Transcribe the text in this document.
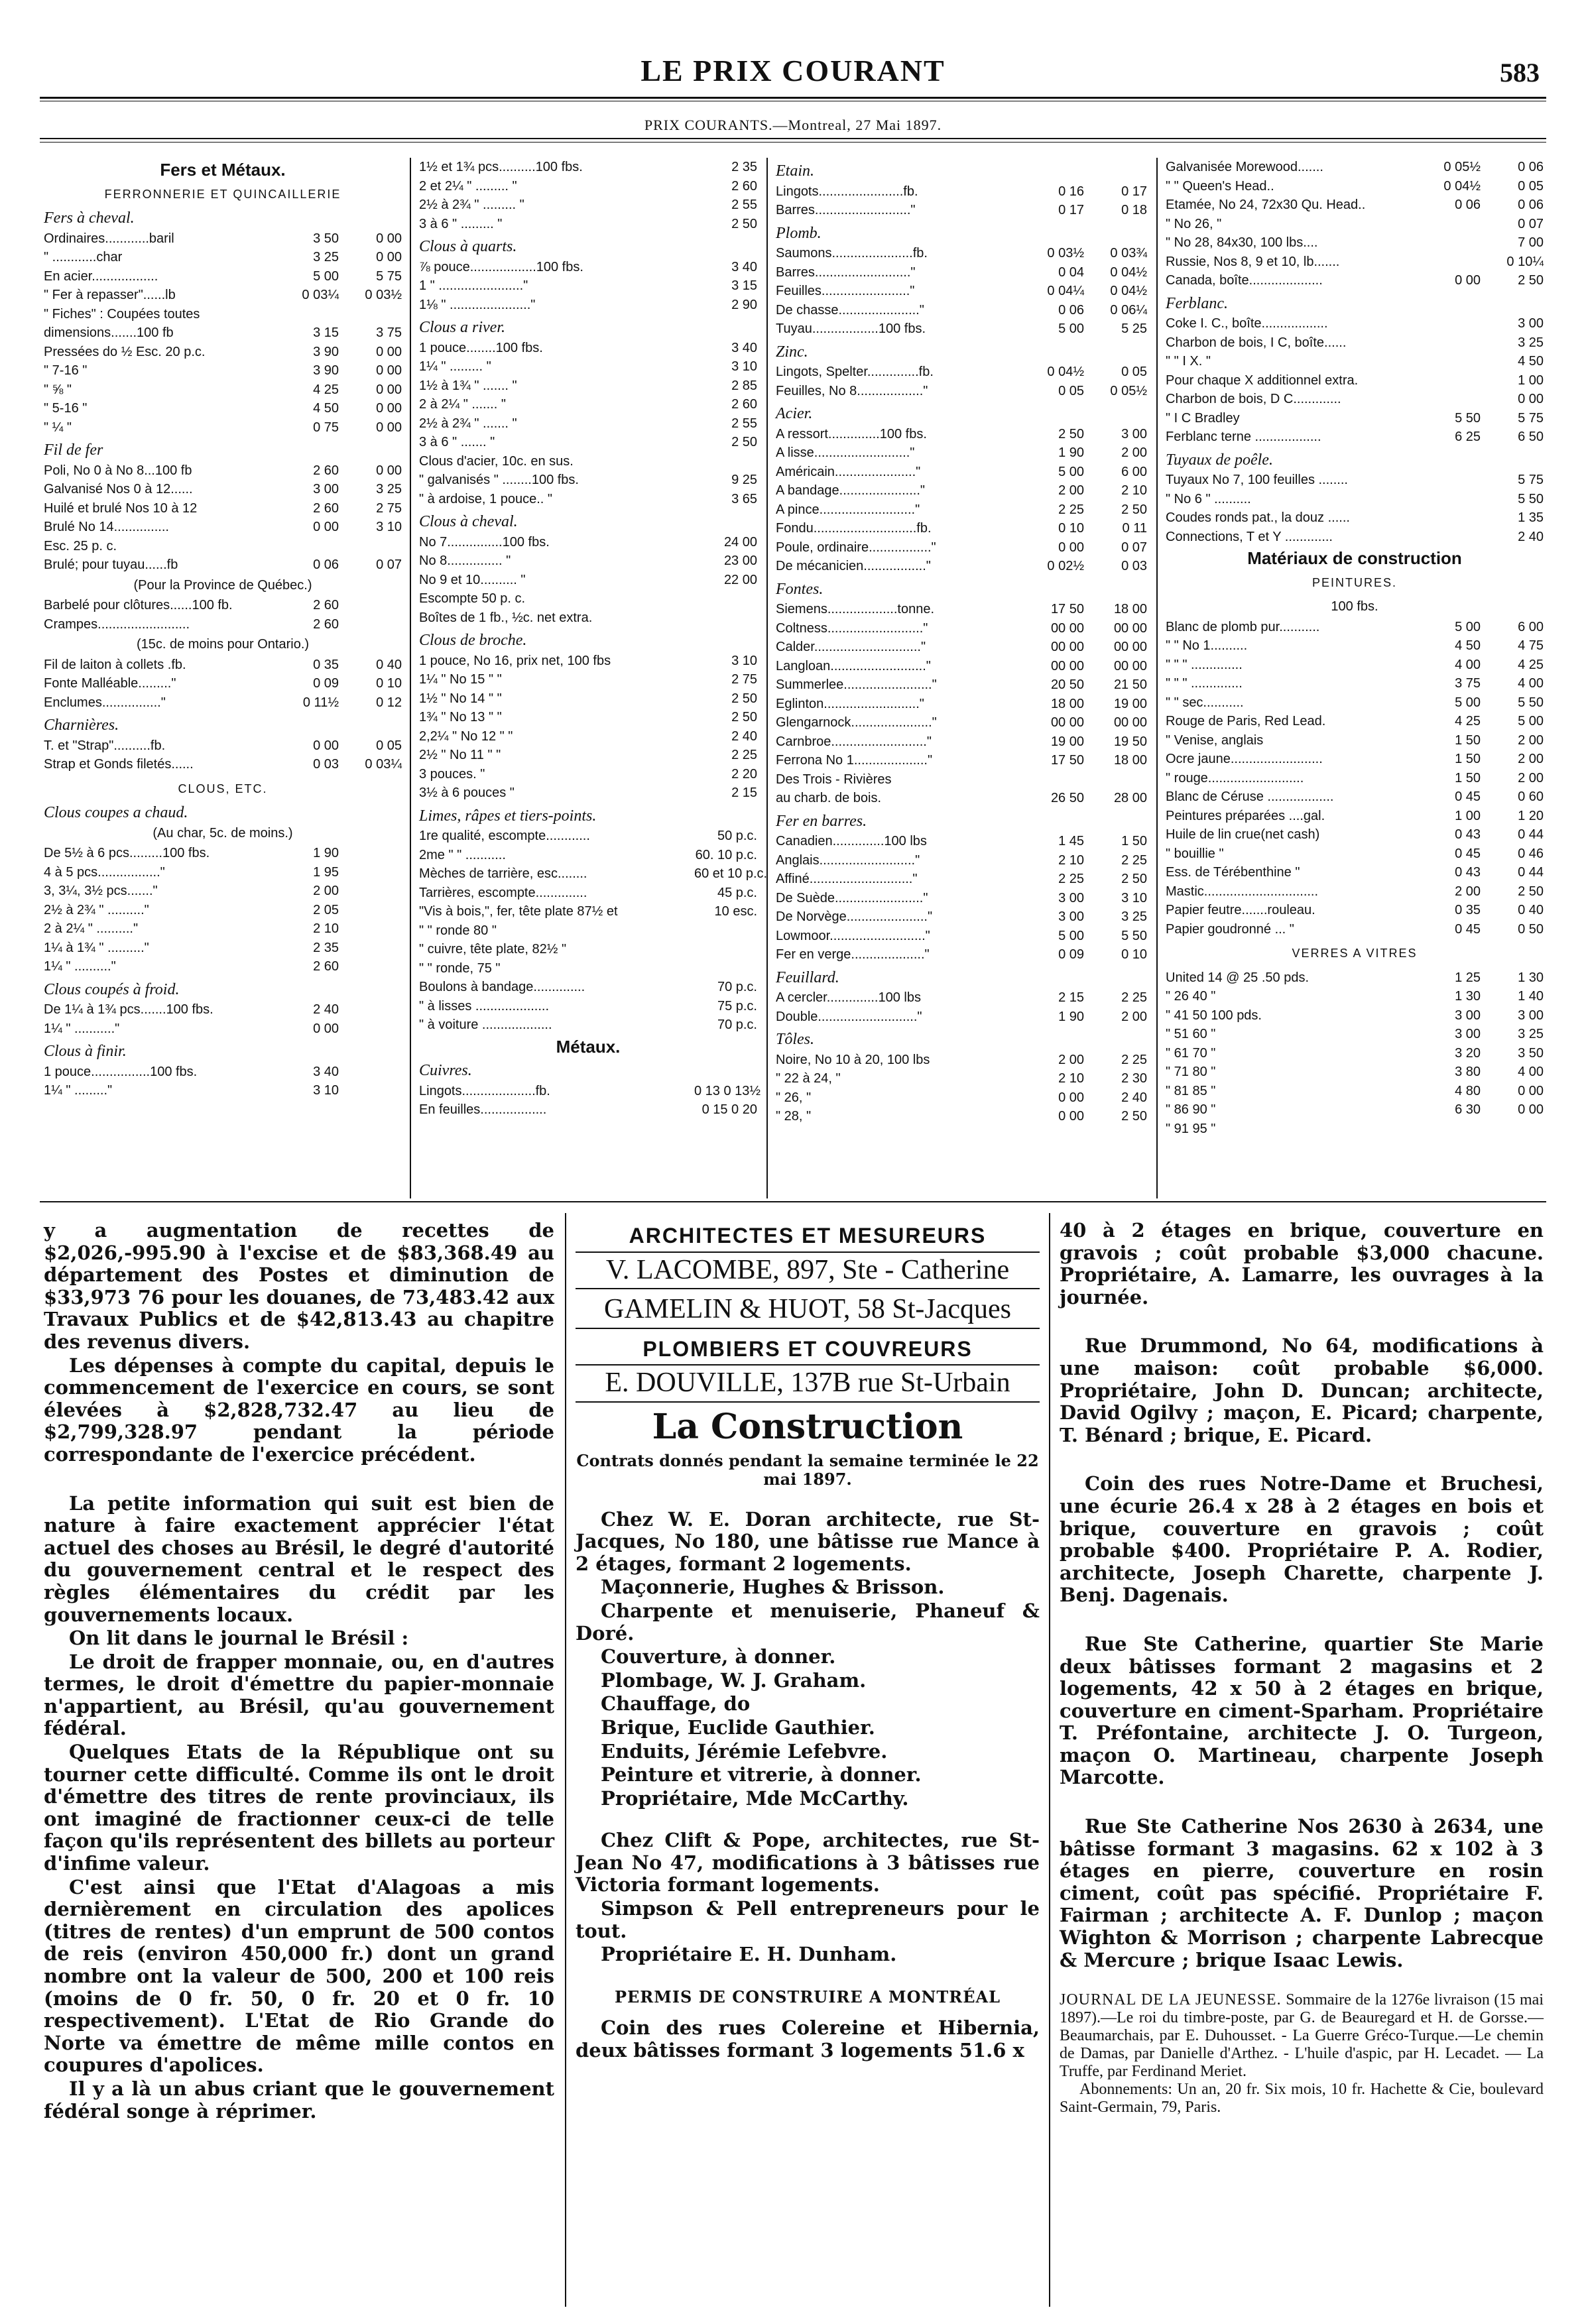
LE PRIX COURANT	583
PRIX COURANTS.—Montreal, 27 Mai 1897.
Fers et Métaux.
FERRONNERIE ET QUINCAILLERIE
Fers à cheval.
Ordinaires............baril	3 50	0 00
" ............char	3 25	0 00
En acier..................	5 00	5 75
" Fer à repasser"......lb	0 03¼	0 03½
" Fiches" : Coupées toutes
dimensions.......100 fb	3 15	3 75
Pressées do ½ Esc. 20 p.c.	3 90	0 00
" 7-16 "	3 90	0 00
" ⅝ "	4 25	0 00
" 5-16 "	4 50	0 00
" ¼ "	0 75	0 00
Fil de fer
Poli, No 0 à No 8...100 fb	2 60	0 00
Galvanisé Nos 0 à 12......	3 00	3 25
Huilé et brulé Nos 10 à 12	2 60	2 75
Brulé No 14...............	0 00	3 10
Esc. 25 p. c.
Brulé; pour tuyau......fb	0 06	0 07
(Pour la Province de Québec.)
Barbelé pour clôtures......100 fb.	2 60
Crampes.........................	2 60
(15c. de moins pour Ontario.)
Fil de laiton à collets .fb.	0 35	0 40
Fonte Malléable........."	0 09	0 10
Enclumes................"	0 11½	0 12
Charnières.
T. et "Strap"..........fb.	0 00	0 05
Strap et Gonds filetés......	0 03	0 03¼
CLOUS, ETC.
Clous coupes a chaud.
(Au char, 5c. de moins.)
De 5½ à 6 pcs.........100 fbs.	1 90
4 à 5 pcs................."	1 95
3, 3¼, 3½ pcs......."	2 00
2½ à 2¾ " .........."	2 05
2 à 2¼ " .........."	2 10
1¼ à 1¾ " .........."	2 35
1¼ " .........."	2 60
Clous coupés à froid.
De 1¼ à 1¾ pcs.......100 fbs.	2 40
1¼ " ..........."	0 00
Clous à finir.
1 pouce................100 fbs.	3 40
1¼ " ........."	3 10
1½ et 1¾ pcs..........100 fbs.	2 35
2 et 2¼ " ......... "	2 60
2½ à 2¾ " ......... "	2 55
3 à 6 " ......... "	2 50
Clous à quarts.
⅞ pouce..................100 fbs.	3 40
1 " ......................."	3 15
1⅛ " ......................"	2 90
Clous a river.
1 pouce........100 fbs.	3 40
1¼ " ......... "	3 10
1½ à 1¾ " ....... "	2 85
2 à 2¼ " ....... "	2 60
2½ à 2¾ " ....... "	2 55
3 à 6 " ....... "	2 50
Clous d'acier, 10c. en sus.
" galvanisés " ........100 fbs.	9 25
" à ardoise, 1 pouce.. "	3 65
Clous à cheval.
No 7...............100 fbs.	24 00
No 8............... "	23 00
No 9 et 10.......... "	22 00
Escompte 50 p. c.
Boîtes de 1 fb., ½c. net extra.
Clous de broche.
1 pouce, No 16, prix net, 100 fbs	3 10
1¼ " No 15 " "	2 75
1½ " No 14 " "	2 50
1¾ " No 13 " "	2 50
2,2¼ " No 12 " "	2 40
2½ " No 11 " "	2 25
3 pouces. "	2 20
3½ à 6 pouces "	2 15
Limes, râpes et tiers-points.
1re qualité, escompte............	50 p.c.
2me " " ...........	60. 10 p.c.
Mèches de tarrière, esc........	60 et 10 p.c.
Tarrières, escompte..............	45 p.c.
"Vis à bois,", fer, tête plate 87½ et	10 esc.
" " ronde 80 "
" cuivre, tête plate, 82½ "
" " ronde, 75 "
Boulons à bandage..............	70 p.c.
" à lisses ....................	75 p.c.
" à voiture ...................	70 p.c.
Métaux.
Cuivres.
Lingots....................fb.	0 13 0 13½
En feuilles..................	0 15 0 20
Etain.
Lingots.......................fb.	0 16	0 17
Barres.........................."	0 17	0 18
Plomb.
Saumons......................fb.	0 03½	0 03¾
Barres.........................."	0 04	0 04½
Feuilles........................"	0 04¼	0 04½
De chasse......................"	0 06	0 06¼
Tuyau..................100 fbs.	5 00	5 25
Zinc.
Lingots, Spelter..............fb.	0 04½	0 05
Feuilles, No 8.................."	0 05	0 05½
Acier.
A ressort..............100 fbs.	2 50	3 00
A lisse.........................."	1 90	2 00
Américain......................"	5 00	6 00
A bandage......................"	2 00	2 10
A pince.........................."	2 25	2 50
Fondu............................fb.	0 10	0 11
Poule, ordinaire................."	0 00	0 07
De mécanicien................."	0 02½	0 03
Fontes.
Siemens...................tonne.	17 50	18 00
Coltness.........................."	00 00	00 00
Calder............................."	00 00	00 00
Langloan.........................."	00 00	00 00
Summerlee........................"	20 50	21 50
Eglinton.........................."	18 00	19 00
Glengarnock......................"	00 00	00 00
Carnbroe.........................."	19 00	19 50
Ferrona No 1...................."	17 50	18 00
Des Trois - Rivières
au charb. de bois.	26 50	28 00
Fer en barres.
Canadien..............100 lbs	1 45	1 50
Anglais.........................."	2 10	2 25
Affiné............................"	2 25	2 50
De Suède........................"	3 00	3 10
De Norvège......................"	3 00	3 25
Lowmoor.........................."	5 00	5 50
Fer en verge...................."	0 09	0 10
Feuillard.
A cercler..............100 lbs	2 15	2 25
Double..........................."	1 90	2 00
Tôles.
Noire, No 10 à 20, 100 lbs	2 00	2 25
" 22 à 24, "	2 10	2 30
" 26, "	0 00	2 40
" 28, "	0 00	2 50
Galvanisée Morewood.......	0 05½	0 06
" " Queen's Head..	0 04½	0 05
Etamée, No 24, 72x30 Qu. Head..	0 06	0 06
" No 26, "	0 07
" No 28, 84x30, 100 lbs....	7 00
Russie, Nos 8, 9 et 10, lb.......	0 10¼
Canada, boîte....................	0 00	2 50
Ferblanc.
Coke I. C., boîte..................	3 00
Charbon de bois, I C, boîte......	3 25
" " I X. "	4 50
Pour chaque X additionnel extra.	1 00
Charbon de bois, D C.............	0 00
" I C Bradley	5 50	5 75
Ferblanc terne ..................	6 25	6 50
Tuyaux de poêle.
Tuyaux No 7, 100 feuilles ........	5 75
" No 6 " ..........	5 50
Coudes ronds pat., la douz ......	1 35
Connections, T et Y .............	2 40
Matériaux de construction
PEINTURES.
100 fbs.
Blanc de plomb pur...........	5 00	6 00
" " No 1..........	4 50	4 75
" " " ..............	4 00	4 25
" " " ..............	3 75	4 00
" " sec...........	5 00	5 50
Rouge de Paris, Red Lead.	4 25	5 00
" Venise, anglais	1 50	2 00
Ocre jaune.........................	1 50	2 00
" rouge..........................	1 50	2 00
Blanc de Céruse ..................	0 45	0 60
Peintures préparées ....gal.	1 00	1 20
Huile de lin crue(net cash)	0 43	0 44
" bouillie "	0 45	0 46
Ess. de Térébenthine "	0 43	0 44
Mastic...............................	2 00	2 50
Papier feutre.......rouleau.	0 35	0 40
Papier goudronné ... "	0 45	0 50
VERRES A VITRES
United 14 @ 25 .50 pds.	1 25	1 30
" 26 40 "	1 30	1 40
" 41 50 100 pds.	3 00	3 00
" 51 60 "	3 00	3 25
" 61 70 "	3 20	3 50
" 71 80 "	3 80	4 00
" 81 85 "	4 80	0 00
" 86 90 "	6 30	0 00
" 91 95 "

y a augmentation de recettes de $2,026,-995.90 à l'excise et de $83,368.49 au département des Postes et diminution de $33,973 76 pour les douanes, de 73,483.42 aux Travaux Publics et de $42,813.43 au chapitre des revenus divers.

Les dépenses à compte du capital, depuis le commencement de l'exercice en cours, se sont élevées à $2,828,732.47 au lieu de $2,799,328.97 pendant la période correspondante de l'exercice précédent.

La petite information qui suit est bien de nature à faire exactement apprécier l'état actuel des choses au Brésil, le degré d'autorité du gouvernement central et le respect des règles élémentaires du crédit par les gouvernements locaux.

On lit dans le journal le Brésil :

Le droit de frapper monnaie, ou, en d'autres termes, le droit d'émettre du papier-monnaie n'appartient, au Brésil, qu'au gouvernement fédéral.

Quelques Etats de la République ont su tourner cette difficulté. Comme ils ont le droit d'émettre des titres de rente provinciaux, ils ont imaginé de fractionner ceux-ci de telle façon qu'ils représentent des billets au porteur d'infime valeur.

C'est ainsi que l'Etat d'Alagoas a mis dernièrement en circulation des apolices (titres de rentes) d'un emprunt de 500 contos de reis (environ 450,000 fr.) dont un grand nombre ont la valeur de 500, 200 et 100 reis (moins de 0 fr. 50, 0 fr. 20 et 0 fr. 10 respectivement). L'Etat de Rio Grande do Norte va émettre de même mille contos en coupures d'apolices.

Il y a là un abus criant que le gouvernement fédéral songe à réprimer.

ARCHITECTES ET MESUREURS
V. LACOMBE, 897, Ste - Catherine
GAMELIN & HUOT, 58 St-Jacques
PLOMBIERS ET COUVREURS
E. DOUVILLE, 137B rue St-Urbain
La Construction
Contrats donnés pendant la semaine terminée le 22 mai 1897.

Chez W. E. Doran architecte, rue St-Jacques, No 180, une bâtisse rue Mance à 2 étages, formant 2 logements.

Maçonnerie, Hughes & Brisson.

Charpente et menuiserie, Phaneuf & Doré.

Couverture, à donner.

Plombage, W. J. Graham.

Chauffage, do

Brique, Euclide Gauthier.

Enduits, Jérémie Lefebvre.

Peinture et vitrerie, à donner.

Propriétaire, Mde McCarthy.

Chez Clift & Pope, architectes, rue St-Jean No 47, modifications à 3 bâtisses rue Victoria formant logements.

Simpson & Pell entrepreneurs pour le tout.

Propriétaire E. H. Dunham.

PERMIS DE CONSTRUIRE A MONTRÉAL

Coin des rues Colereine et Hibernia, deux bâtisses formant 3 logements 51.6 x

40 à 2 étages en brique, couverture en gravois ; coût probable $3,000 chacune. Propriétaire, A. Lamarre, les ouvrages à la journée.

Rue Drummond, No 64, modifications à une maison: coût probable $6,000. Propriétaire, John D. Duncan; architecte, David Ogilvy ; maçon, E. Picard; charpente, T. Bénard ; brique, E. Picard.

Coin des rues Notre-Dame et Bruchesi, une écurie 26.4 x 28 à 2 étages en bois et brique, couverture en gravois ; coût probable $400. Propriétaire P. A. Rodier, architecte, Joseph Charette, charpente J. Benj. Dagenais.

Rue Ste Catherine, quartier Ste Marie deux bâtisses formant 2 magasins et 2 logements, 42 x 50 à 2 étages en brique, couverture en ciment-Sparham. Propriétaire T. Préfontaine, architecte J. O. Turgeon, maçon O. Martineau, charpente Joseph Marcotte.

Rue Ste Catherine Nos 2630 à 2634, une bâtisse formant 3 magasins. 62 x 102 à 3 étages en pierre, couverture en rosin ciment, coût pas spécifié. Propriétaire F. Fairman ; architecte A. F. Dunlop ; maçon Wighton & Morrison ; charpente Labrecque & Mercure ; brique Isaac Lewis.

JOURNAL DE LA JEUNESSE. Sommaire de la 1276e livraison (15 mai 1897).—Le roi du timbre-poste, par G. de Beauregard et H. de Gorsse.—Beaumarchais, par E. Duhousset. - La Guerre Gréco-Turque.—Le chemin de Damas, par Danielle d'Arthez. - L'huile d'aspic, par H. Lecadet. — La Truffe, par Ferdinand Meriet.
Abonnements: Un an, 20 fr. Six mois, 10 fr. Hachette & Cie, boulevard Saint-Germain, 79, Paris.
